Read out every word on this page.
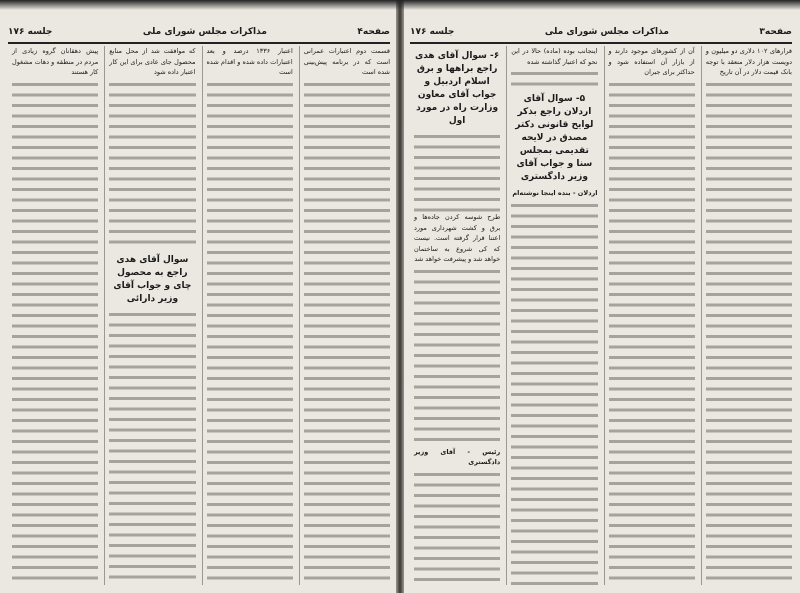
صفحه۴
مذاکرات مجلس شورای ملی
جلسه ۱۷۶

قسمت دوم اعتبارات عمرانی است که در برنامه پیش‌بینی شده است

اعتبار ۱۳۳۶ درصد و بعد اعتبارات داده شده و اقدام شده است

که موافقت شد از محل منابع محصول جای عادی برای این کار اعتبار داده شود

سوال آقای هدی راجع به محصول چای و جواب آقای وزیر دارائی

پیش دهقانان گروه زیادی از مردم در منطقه و دهات مشغول کار هستند

صفحه۳
مذاکرات مجلس شورای ملی
جلسه ۱۷۶

قرارهای ۱۰۲ دلاری دو میلیون و دویست هزار دلار منعقد با توجه بانک قیمت دلار در آن تاریخ

آن از کشورهای موجود دارند و از بازار آن استفاده شود و حداکثر برای جبران

اینجانب بوده (ماده) حالا در این نحو که اعتبار گذاشته شده

۵- سوال آقای اردلان راجع بذکر لوایح قانونی دکتر مصدق در لایحه تقدیمی بمجلس سنا و جواب آقای وزیر دادگستری

اردلان - بنده اینجا نوشته‌ام

۶- سوال آقای هدی راجع براهها و برق اسلام اردبیل و جواب آقای معاون وزارت راه در مورد اول

طرح شوسه کردن جاده‌ها و برق و کشت شهرداری مورد اعتنا قرار گرفته است. نیست که کی شروع به ساختمان خواهد شد و پیشرفت خواهد شد

رئیس - آقای وزیر دادگستری
